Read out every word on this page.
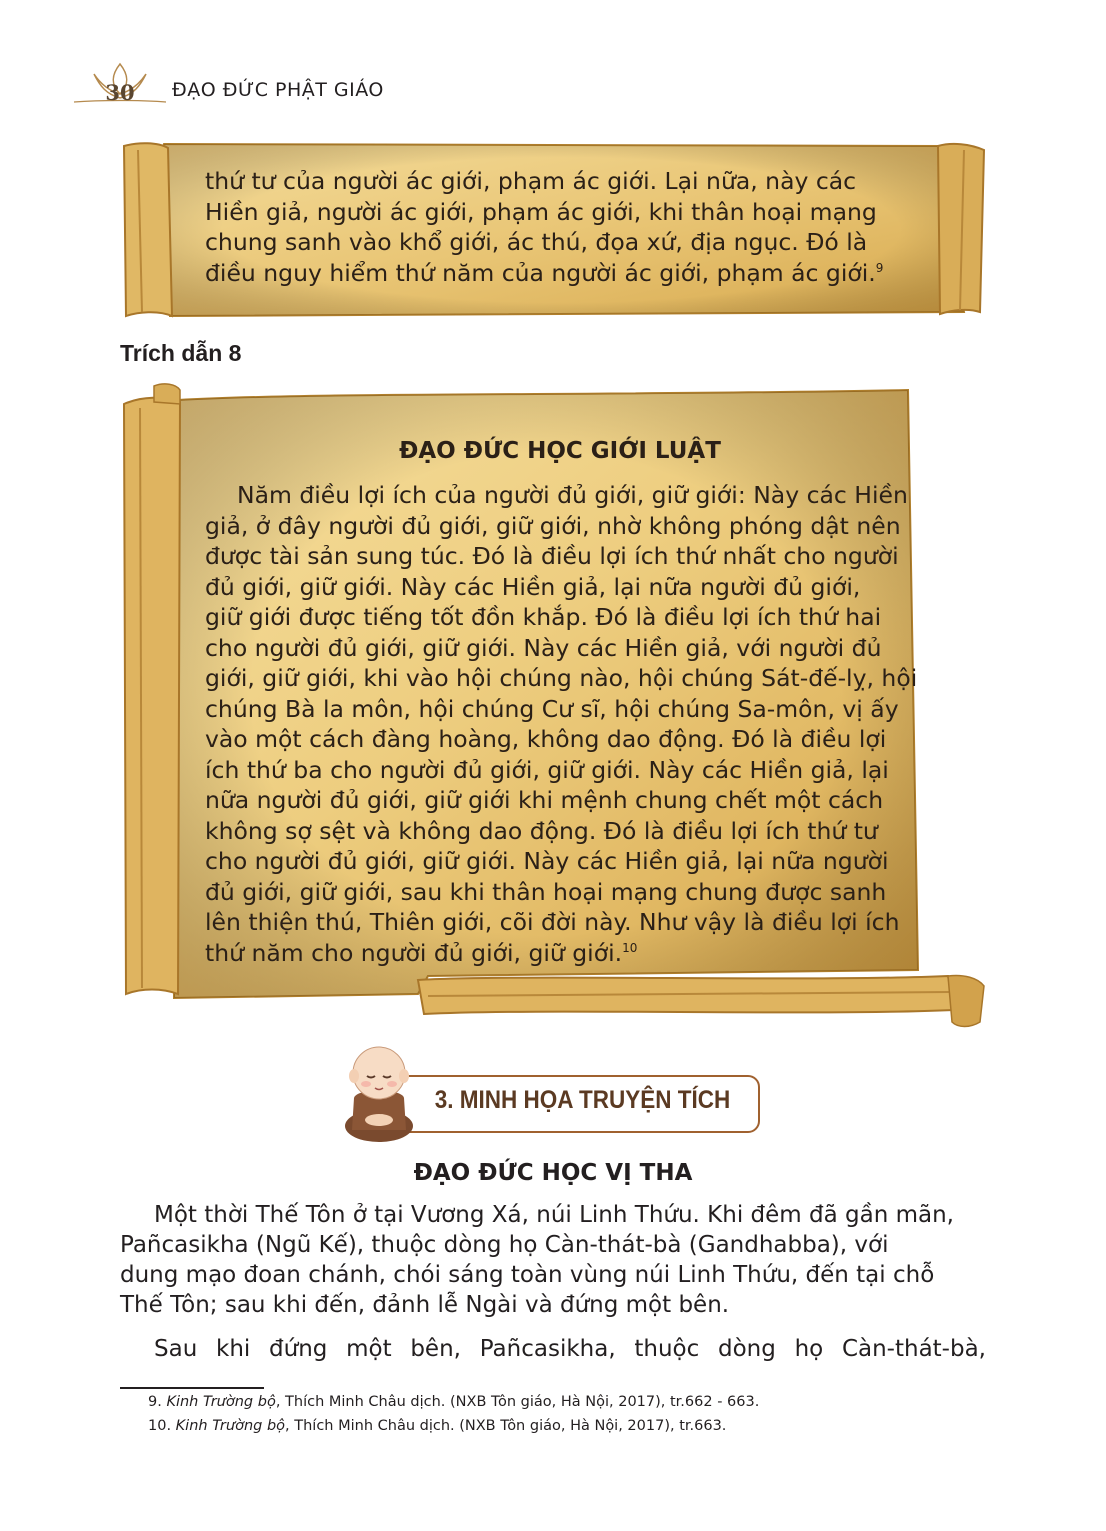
30 ĐẠO ĐỨC PHẬT GIÁO
thứ tư của người ác giới, phạm ác giới. Lại nữa, này các
Hiền giả, người ác giới, phạm ác giới, khi thân hoại mạng
chung sanh vào khổ giới, ác thú, đọa xứ, địa ngục. Đó là
điều nguy hiểm thứ năm của người ác giới, phạm ác giới.$^9$
Trích dẫn 8
ĐẠO ĐỨC HỌC GIỚI LUẬT
Năm điều lợi ích của người đủ giới, giữ giới: Này các Hiền
giả, ở đây người đủ giới, giữ giới, nhờ không phóng dật nên
được tài sản sung túc. Đó là điều lợi ích thứ nhất cho người
đủ giới, giữ giới. Này các Hiền giả, lại nữa người đủ giới,
giữ giới được tiếng tốt đồn khắp. Đó là điều lợi ích thứ hai
cho người đủ giới, giữ giới. Này các Hiền giả, với người đủ
giới, giữ giới, khi vào hội chúng nào, hội chúng Sát-đế-lỵ, hội
chúng Bà la môn, hội chúng Cư sĩ, hội chúng Sa-môn, vị ấy
vào một cách đàng hoàng, không dao động. Đó là điều lợi
ích thứ ba cho người đủ giới, giữ giới. Này các Hiền giả, lại
nữa người đủ giới, giữ giới khi mệnh chung chết một cách
không sợ sệt và không dao động. Đó là điều lợi ích thứ tư
cho người đủ giới, giữ giới. Này các Hiền giả, lại nữa người
đủ giới, giữ giới, sau khi thân hoại mạng chung được sanh
lên thiện thú, Thiên giới, cõi đời này. Như vậy là điều lợi ích
thứ năm cho người đủ giới, giữ giới.$^{10}$
3. MINH HỌA TRUYỆN TÍCH
ĐẠO ĐỨC HỌC VỊ THA
Một thời Thế Tôn ở tại Vương Xá, núi Linh Thứu. Khi đêm đã gần mãn,
Pañcasikha (Ngũ Kế), thuộc dòng họ Càn-thát-bà (Gandhabba), với
dung mạo đoan chánh, chói sáng toàn vùng núi Linh Thứu, đến tại chỗ
Thế Tôn; sau khi đến, đảnh lễ Ngài và đứng một bên.
Sau khi đứng một bên, Pañcasikha, thuộc dòng họ Càn-thát-bà,
9. Kinh Trường bộ, Thích Minh Châu dịch. (NXB Tôn giáo, Hà Nội, 2017), tr.662 - 663.
10. Kinh Trường bộ, Thích Minh Châu dịch. (NXB Tôn giáo, Hà Nội, 2017), tr.663.
